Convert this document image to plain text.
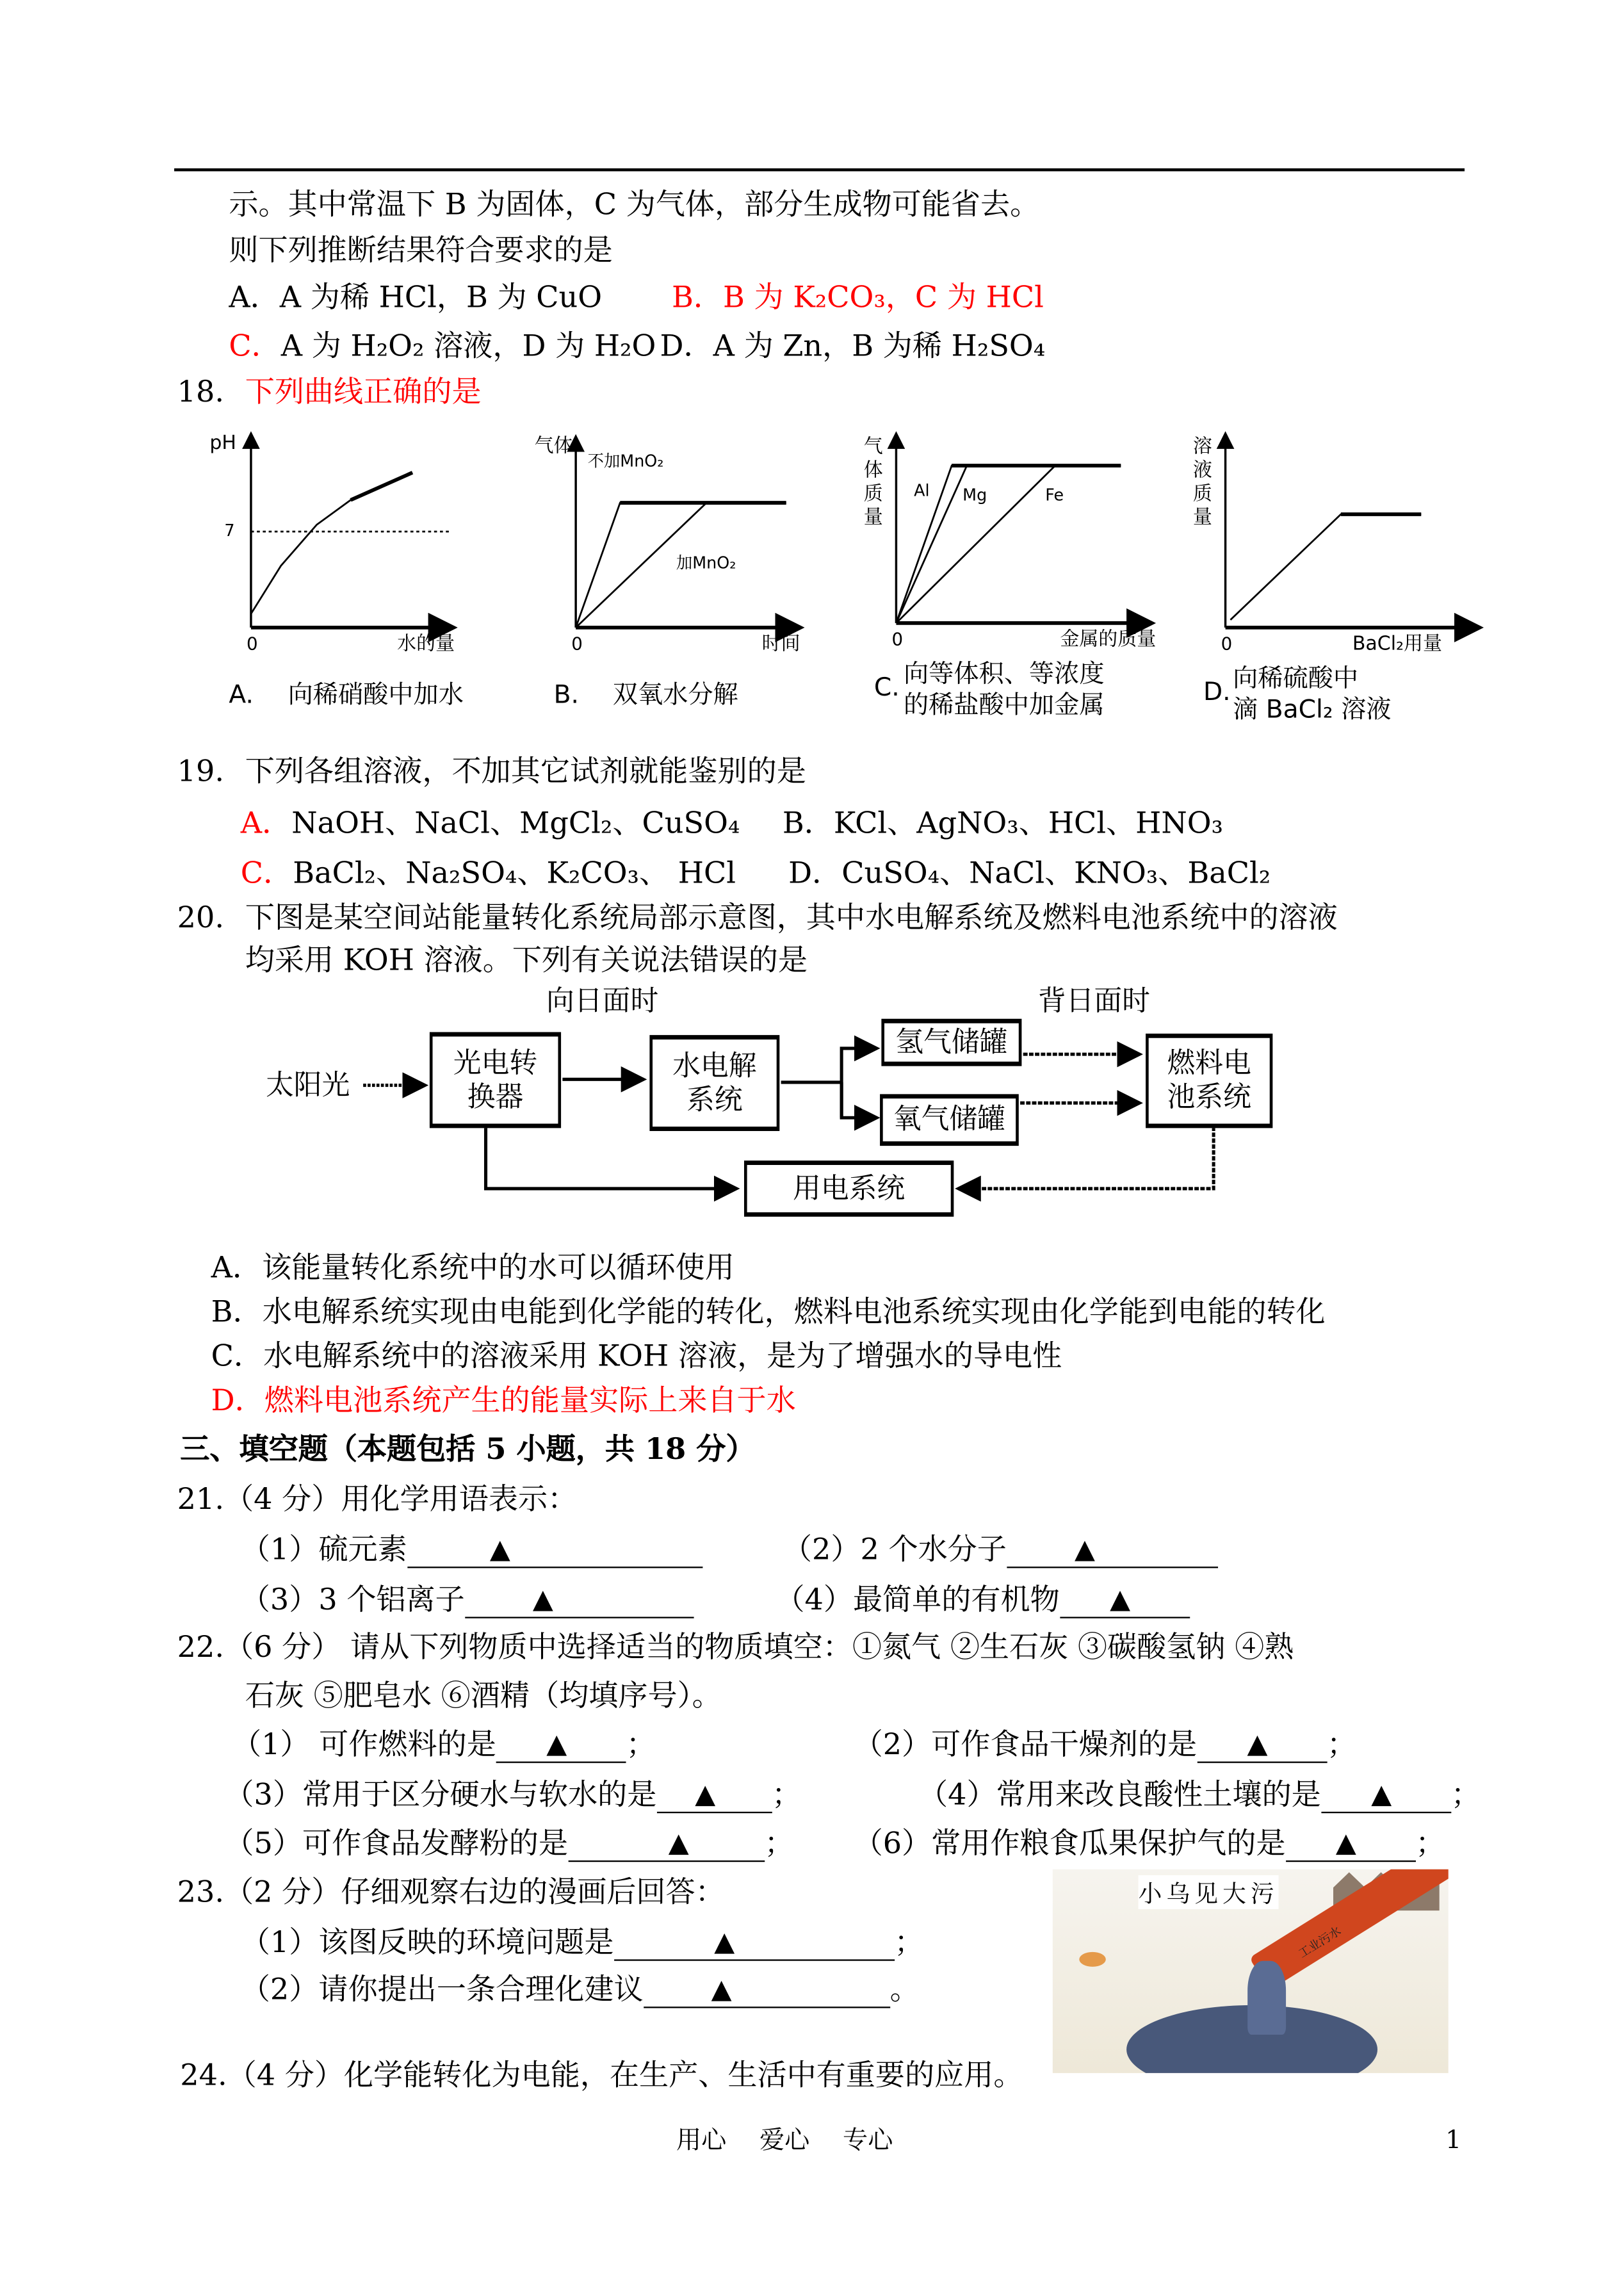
示。其中常温下 B 为固体，C 为气体，部分生成物可能省去。
则下列推断结果符合要求的是
A．A 为稀 HCl，B 为 CuO	B．B 为 K₂CO₃，C 为 HCl
C．A 为 H₂O₂ 溶液，D 为 H₂O D．A 为 Zn，B 为稀 H₂SO₄
18. 下列曲线正确的是
7
pH
0	水的量
A.	向稀硝酸中加水
气体
0	时间
B.	双氧水分解
气体质量
0	金属的质量
C. 向等体积、等浓度
的稀盐酸中加金属
溶液质量
0	BaCl₂用量
D. 向稀硫酸中
滴 BaCl₂ 溶液
不加MnO₂
加MnO₂
Al	Mg	Fe
19. 下列各组溶液，不加其它试剂就能鉴别的是
A．NaOH、NaCl、MgCl₂、CuSO₄	B．KCl、AgNO₃、HCl、HNO₃
C．BaCl₂、Na₂SO₄、K₂CO₃、 HCl	D．CuSO₄、NaCl、KNO₃、BaCl₂
20. 下图是某空间站能量转化系统局部示意图，其中水电解系统及燃料电池系统中的溶液
均采用 KOH 溶液。下列有关说法错误的是
向日面时	背日面时
太阳光
光电转
换器
水电解
系统
氢气储罐
氧气储罐
燃料电
池系统
用电系统
A．该能量转化系统中的水可以循环使用
B．水电解系统实现由电能到化学能的转化，燃料电池系统实现由化学能到电能的转化
C．水电解系统中的溶液采用 KOH 溶液，是为了增强水的导电性
D．燃料电池系统产生的能量实际上来自于水
三、填空题（本题包括 5 小题，共 18 分）
21.（4 分）用化学用语表示：
（1）硫元素	▲	（2）2 个水分子	▲
（3）3 个铝离子	▲	（4）最简单的有机物	▲
22.（6 分） 请从下列物质中选择适当的物质填空：①氮气 ②生石灰 ③碳酸氢钠 ④熟
石灰 ⑤肥皂水 ⑥酒精（均填序号）。
（1） 可作燃料的是	▲	；	（2）可作食品干燥剂的是	▲	；
（3）常用于区分硬水与软水的是	▲	；	（4）常用来改良酸性土壤的是	▲	；
（5）可作食品发酵粉的是	▲	；	（6）常用作粮食瓜果保护气的是	▲	；
23.（2 分）仔细观察右边的漫画后回答：
（1）该图反映的环境问题是	▲	；
（2）请你提出一条合理化建议	▲	。
小乌见大污
工业污水
24.（4 分）化学能转化为电能，在生产、生活中有重要的应用。
用心　 爱心　 专心	1
